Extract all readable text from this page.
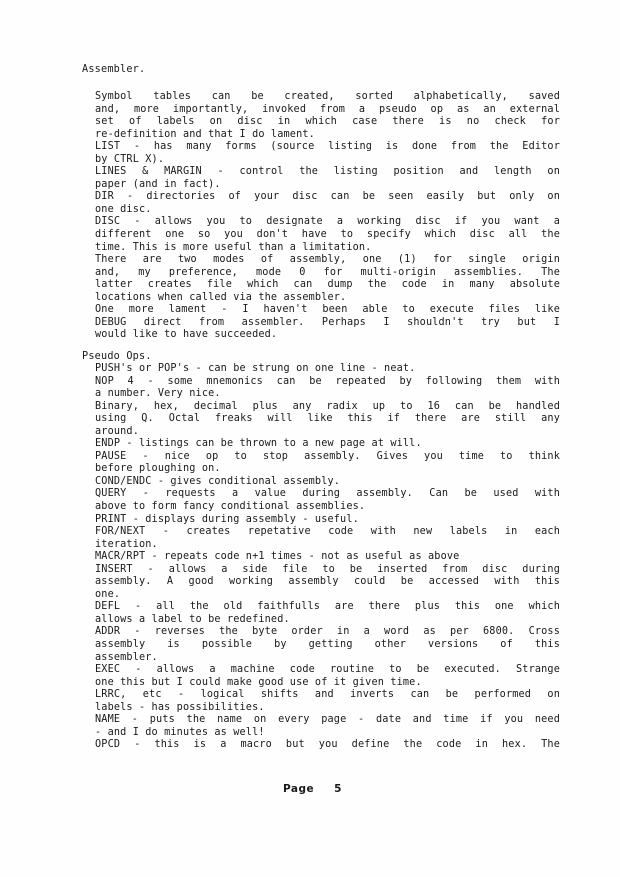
Assembler.
Symbol tables can be created, sorted alphabetically, saved
and, more importantly, invoked from a pseudo op as an external
set of labels on disc in which case there is no check for
re-definition and that I do lament.
LIST - has many forms (source listing is done from the Editor
by CTRL X).
LINES & MARGIN - control the listing position and length on
paper (and in fact).
DIR - directories of your disc can be seen easily but only on
one disc.
DISC - allows you to designate a working disc if you want a
different one so you don't have to specify which disc all the
time. This is more useful than a limitation.
There are two modes of assembly, one (1) for single origin
and, my preference, mode 0 for multi-origin assemblies. The
latter creates file which can dump the code in many absolute
locations when called via the assembler.
One more lament - I haven't been able to execute files like
DEBUG direct from assembler. Perhaps I shouldn't try but I
would like to have succeeded.
Pseudo Ops.
PUSH's or POP's - can be strung on one line - neat.
NOP 4 - some mnemonics can be repeated by following them with
a number. Very nice.
Binary, hex, decimal plus any radix up to 16 can be handled
using Q. Octal freaks will like this if there are still any
around.
ENDP - listings can be thrown to a new page at will.
PAUSE - nice op to stop assembly. Gives you time to think
before ploughing on.
COND/ENDC - gives conditional assembly.
QUERY - requests a value during assembly. Can be used with
above to form fancy conditional assemblies.
PRINT - displays during assembly - useful.
FOR/NEXT - creates repetative code with new labels in each
iteration.
MACR/RPT - repeats code n+1 times - not as useful as above
INSERT - allows a side file to be inserted from disc during
assembly. A good working assembly could be accessed with this
one.
DEFL - all the old faithfulls are there plus this one which
allows a label to be redefined.
ADDR - reverses the byte order in a word as per 6800. Cross
assembly is possible by getting other versions of this
assembler.
EXEC - allows a machine code routine to be executed. Strange
one this but I could make good use of it given time.
LRRC, etc - logical shifts and inverts can be performed on
labels - has possibilities.
NAME - puts the name on every page - date and time if you need
- and I do minutes as well!
OPCD - this is a macro but you define the code in hex. The
Page 5
